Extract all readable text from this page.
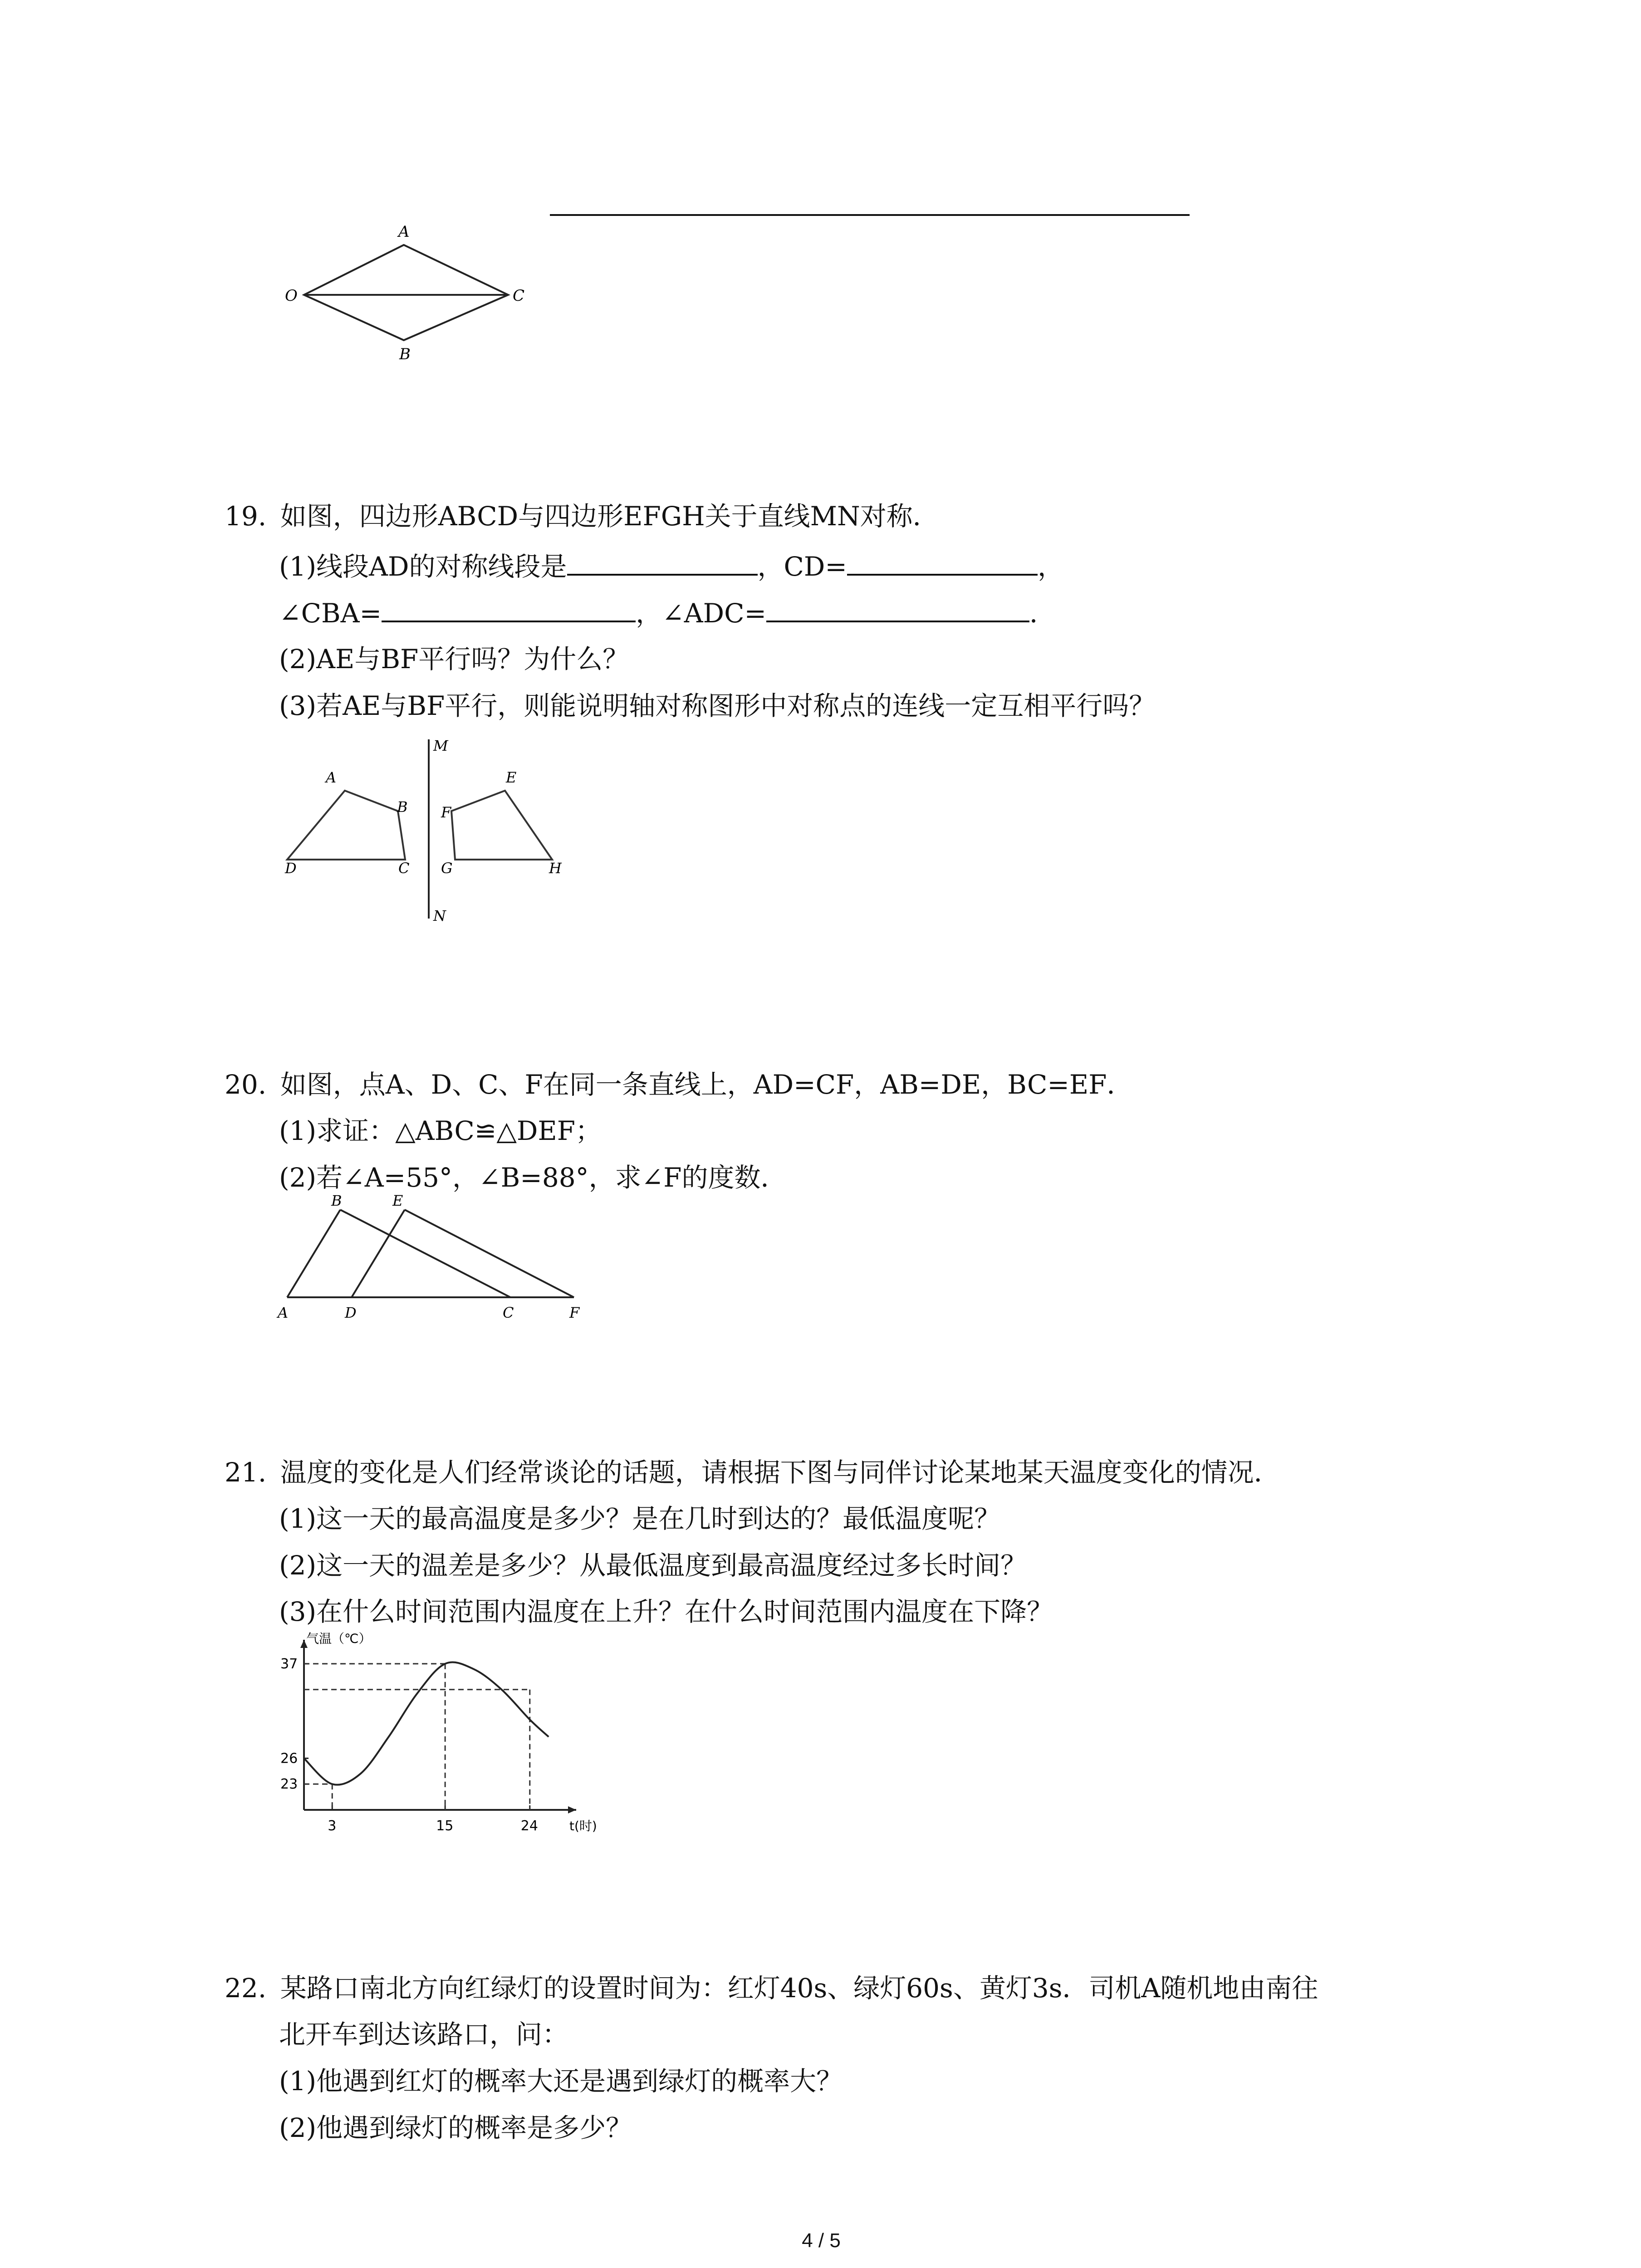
A
O	C
B
19. 如图，四边形ABCD与四边形EFGH关于直线MN对称．
(1)线段AD的对称线段是	，CD=	，
∠CBA=	，∠ADC=	．
(2)AE与BF平行吗？为什么？
(3)若AE与BF平行，则能说明轴对称图形中对称点的连线一定互相平行吗？
A
B
D	C
M
E
F
G	H
N
20. 如图，点A、D、C、F在同一条直线上，AD=CF，AB=DE，BC=EF．
(1)求证：△ABC≌△DEF；
(2)若∠A=55°，∠B=88°，求∠F的度数．
B	E
A	D	C	F
21. 温度的变化是人们经常谈论的话题，请根据下图与同伴讨论某地某天温度变化的情况．
(1)这一天的最高温度是多少？是在几时到达的？最低温度呢？
(2)这一天的温差是多少？从最低温度到最高温度经过多长时间？
(3)在什么时间范围内温度在上升？在什么时间范围内温度在下降？
气温（℃）
t(时)
37
26
23
3	15	24
22. 某路口南北方向红绿灯的设置时间为：红灯40s、绿灯60s、黄灯3s．司机A随机地由南往
北开车到达该路口，问：
(1)他遇到红灯的概率大还是遇到绿灯的概率大？
(2)他遇到绿灯的概率是多少？
4 / 5
